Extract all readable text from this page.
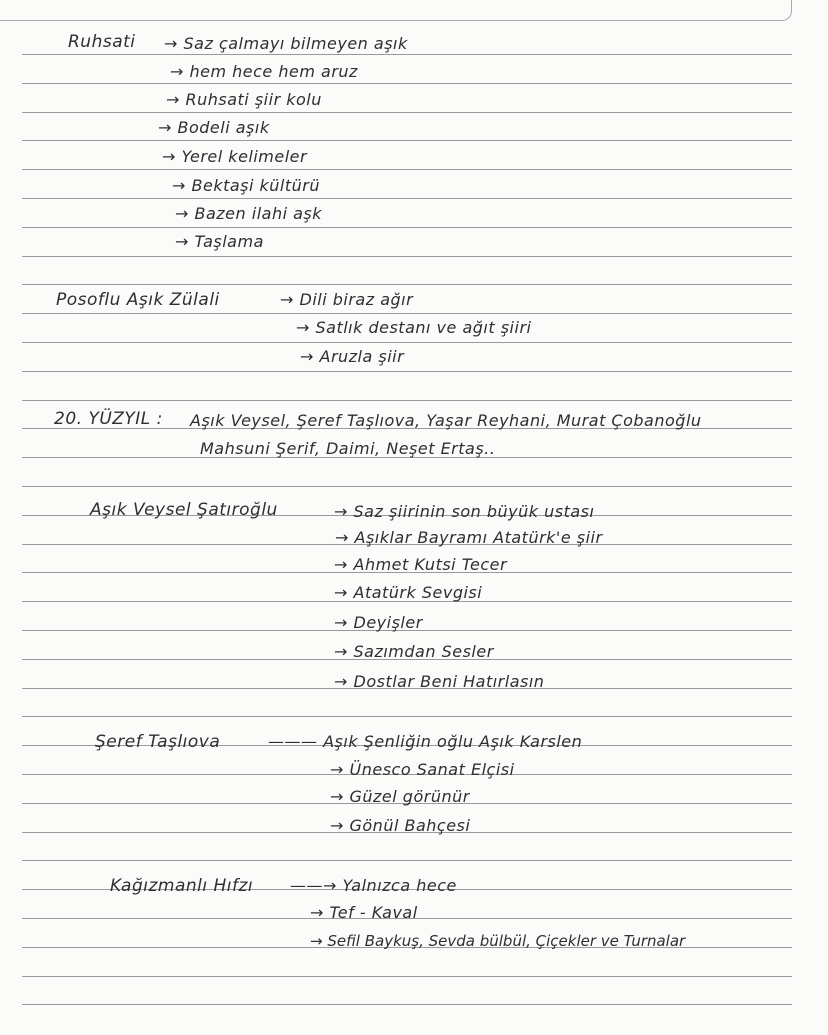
Ruhsati → Saz çalmayı bilmeyen aşık
→ hem hece hem aruz
→ Ruhsati şiir kolu
→ Bodeli aşık
→ Yerel kelimeler
→ Bektaşi kültürü
→ Bazen ilahi aşk
→ Taşlama
Posoflu Aşık Zülali	→ Dili biraz ağır
→ Satlık destanı ve ağıt şiiri
→ Aruzla şiir
20. YÜZYIL : Aşık Veysel, Şeref Taşlıova, Yaşar Reyhani, Murat Çobanoğlu
Mahsuni Şerif, Daimi, Neşet Ertaş..
Aşık Veysel Şatıroğlu	→ Saz şiirinin son büyük ustası
→ Aşıklar Bayramı Atatürk'e şiir
→ Ahmet Kutsi Tecer
→ Atatürk Sevgisi
→ Deyişler
→ Sazımdan Sesler
→ Dostlar Beni Hatırlasın
Şeref Taşlıova	——— Aşık Şenliğin oğlu Aşık Karslen
→ Ünesco Sanat Elçisi
→ Güzel görünür
→ Gönül Bahçesi
Kağızmanlı Hıfzı ——→ Yalnızca hece
→ Tef - Kaval
→ Sefil Baykuş, Sevda bülbül, Çiçekler ve Turnalar
